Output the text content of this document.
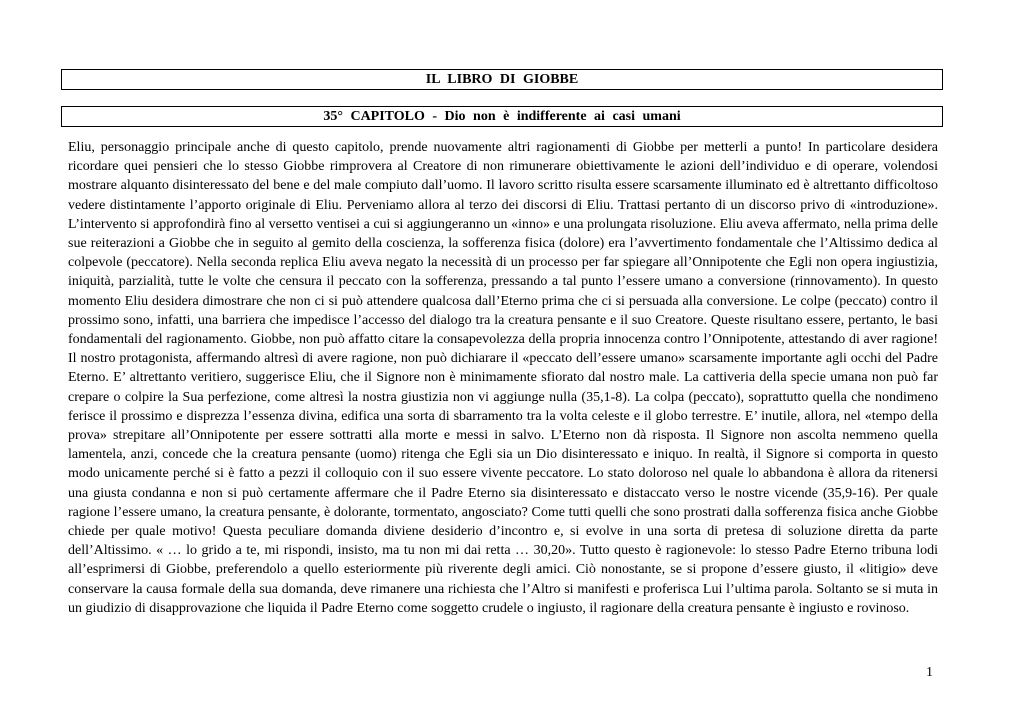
IL LIBRO DI GIOBBE
35° CAPITOLO - Dio non è indifferente ai casi umani

Eliu, personaggio principale anche di questo capitolo, prende nuovamente altri ragionamenti di Giobbe per metterli a punto! In particolare desidera ricordare quei pensieri che lo stesso Giobbe rimprovera al Creatore di non rimunerare obiettivamente le azioni dell’individuo e di operare, volendosi mostrare alquanto disinteressato del bene e del male compiuto dall’uomo. Il lavoro scritto risulta essere scarsamente illuminato ed è altrettanto difficoltoso vedere distintamente l’apporto originale di Eliu. Perveniamo allora al terzo dei discorsi di Eliu. Trattasi pertanto di un discorso privo di «introduzione». L’intervento si approfondirà fino al versetto ventisei a cui si aggiungeranno un «inno» e una prolungata risoluzione. Eliu aveva affermato, nella prima delle sue reiterazioni a Giobbe che in seguito al gemito della coscienza, la sofferenza fisica (dolore) era l’avvertimento fondamentale che l’Altissimo dedica al colpevole (peccatore). Nella seconda replica Eliu aveva negato la necessità di un processo per far spiegare all’Onnipotente che Egli non opera ingiustizia, iniquità, parzialità, tutte le volte che censura il peccato con la sofferenza, pressando a tal punto l’essere umano a conversione (rinnovamento). In questo momento Eliu desidera dimostrare che non ci si può attendere qualcosa dall’Eterno prima che ci si persuada alla conversione. Le colpe (peccato) contro il prossimo sono, infatti, una barriera che impedisce l’accesso del dialogo tra la creatura pensante e il suo Creatore. Queste risultano essere, pertanto, le basi fondamentali del ragionamento. Giobbe, non può affatto citare la consapevolezza della propria innocenza contro l’Onnipotente, attestando di aver ragione! Il nostro protagonista, affermando altresì di avere ragione, non può dichiarare il «peccato dell’essere umano» scarsamente importante agli occhi del Padre Eterno. E’ altrettanto veritiero, suggerisce Eliu, che il Signore non è minimamente sfiorato dal nostro male. La cattiveria della specie umana non può far crepare o colpire la Sua perfezione, come altresì la nostra giustizia non vi aggiunge nulla (35,1-8). La colpa (peccato), soprattutto quella che nondimeno ferisce il prossimo e disprezza l’essenza divina, edifica una sorta di sbarramento tra la volta celeste e il globo terrestre. E’ inutile, allora, nel «tempo della prova» strepitare all’Onnipotente per essere sottratti alla morte e messi in salvo. L’Eterno non dà risposta. Il Signore non ascolta nemmeno quella lamentela, anzi, concede che la creatura pensante (uomo) ritenga che Egli sia un Dio disinteressato e iniquo. In realtà, il Signore si comporta in questo modo unicamente perché si è fatto a pezzi il colloquio con il suo essere vivente peccatore. Lo stato doloroso nel quale lo abbandona è allora da ritenersi una giusta condanna e non si può certamente affermare che il Padre Eterno sia disinteressato e distaccato verso le nostre vicende (35,9-16). Per quale ragione l’essere umano, la creatura pensante, è dolorante, tormentato, angosciato? Come tutti quelli che sono prostrati dalla sofferenza fisica anche Giobbe chiede per quale motivo! Questa peculiare domanda diviene desiderio d’incontro e, si evolve in una sorta di pretesa di soluzione diretta da parte dell’Altissimo. « … lo grido a te, mi rispondi, insisto, ma tu non mi dai retta … 30,20». Tutto questo è ragionevole: lo stesso Padre Eterno tribuna lodi all’esprimersi di Giobbe, preferendolo a quello esteriormente più riverente degli amici. Ciò nonostante, se si propone d’essere giusto, il «litigio» deve conservare la causa formale della sua domanda, deve rimanere una richiesta che l’Altro si manifesti e proferisca Lui l’ultima parola. Soltanto se si muta in un giudizio di disapprovazione che liquida il Padre Eterno come soggetto crudele o ingiusto, il ragionare della creatura pensante è ingiusto e rovinoso.

1
